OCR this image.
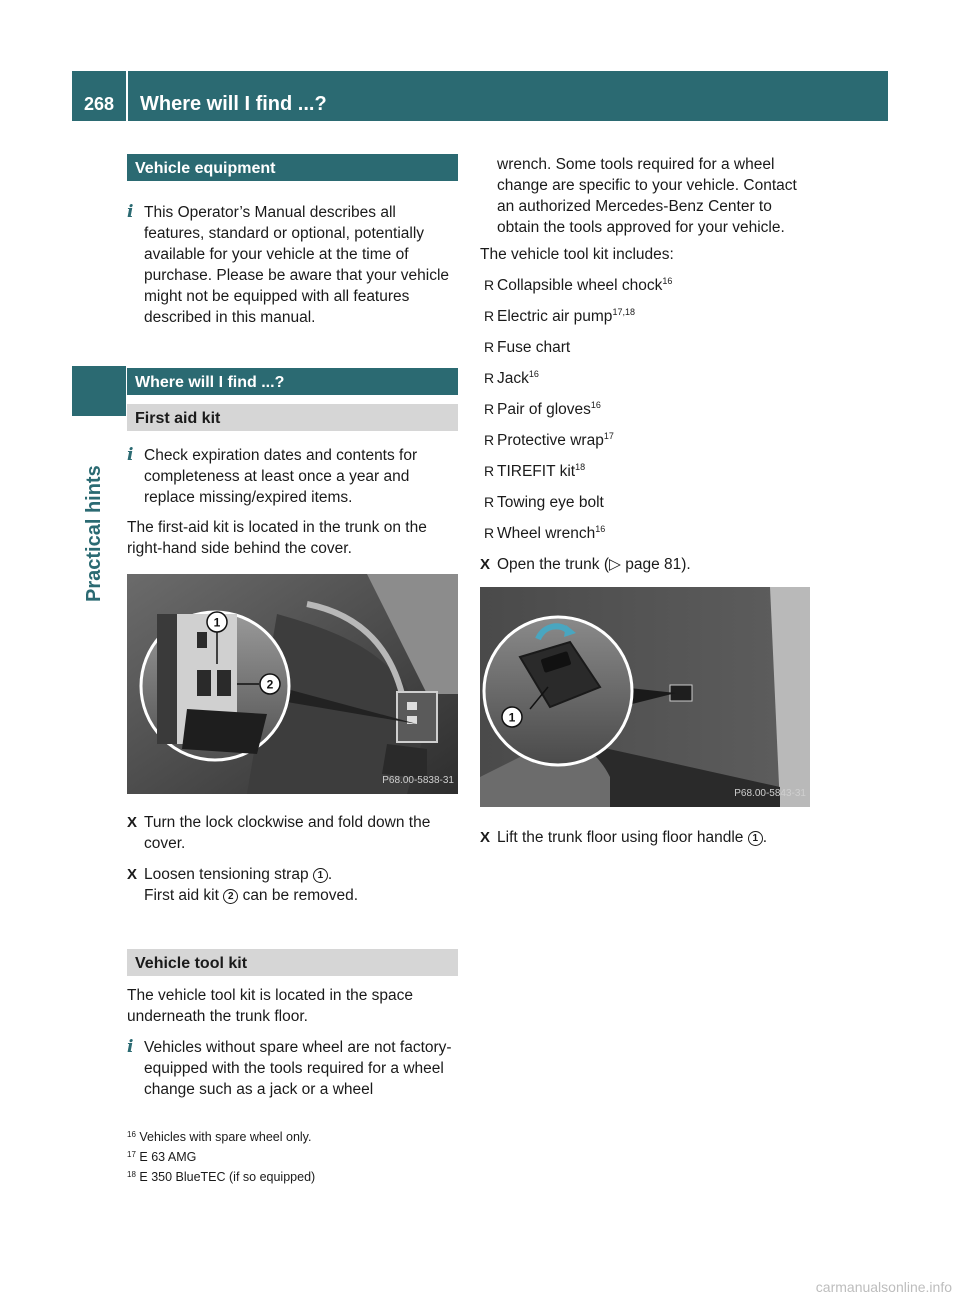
268	Where will I find ...?
Practical hints
Vehicle equipment

i This Operator’s Manual describes all features, standard or optional, potentially available for your vehicle at the time of purchase. Please be aware that your vehicle might not be equipped with all features described in this manual.

Where will I find ...?
First aid kit

i Check expiration dates and contents for completeness at least once a year and replace missing/expired items.

The first-aid kit is located in the trunk on the right-hand side behind the cover.

1
2
P68.00-5838-31

X Turn the lock clockwise and fold down the cover.

X Loosen tensioning strap 1 .
First aid kit 2 can be removed.

Vehicle tool kit

The vehicle tool kit is located in the space underneath the trunk floor.

i Vehicles without spare wheel are not factory-equipped with the tools required for a wheel change such as a jack or a wheel

wrench. Some tools required for a wheel change are specific to your vehicle. Contact an authorized Mercedes-Benz Center to obtain the tools approved for your vehicle.

The vehicle tool kit includes:

R Collapsible wheel chock$^{16}$

R Electric air pump$^{17,18}$

R Fuse chart

R Jack$^{16}$

R Pair of gloves$^{16}$

R Protective wrap$^{17}$

R TIREFIT kit$^{18}$

R Towing eye bolt

R Wheel wrench$^{16}$

X Open the trunk (▷ page 81).

1
P68.00-5843-31

X Lift the trunk floor using floor handle 1 .

$^{16}$ Vehicles with spare wheel only.
$^{17}$ E 63 AMG
$^{18}$ E 350 BlueTEC (if so equipped)
carmanualsonline.info
